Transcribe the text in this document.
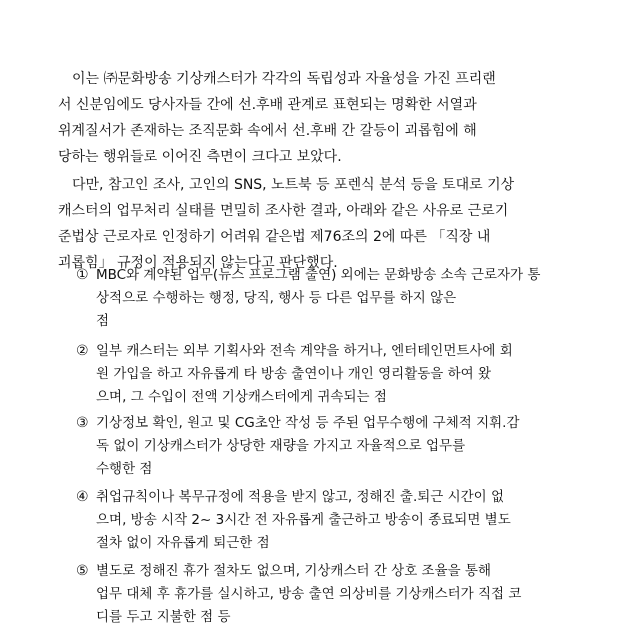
이는 ㈜문화방송 기상캐스터가 각각의 독립성과 자율성을 가진 프리랜
서 신분임에도 당사자들 간에 선.후배 관계로 표현되는 명확한 서열과
위계질서가 존재하는 조직문화 속에서 선.후배 간 갈등이 괴롭힘에 해
당하는 행위들로 이어진 측면이 크다고 보았다.
다만, 참고인 조사, 고인의 SNS, 노트북 등 포렌식 분석 등을 토대로 기상
캐스터의 업무처리 실태를 면밀히 조사한 결과, 아래와 같은 사유로 근로기
준법상 근로자로 인정하기 어려워 같은법 제76조의 2에 따른 「직장 내
괴롭힘」 규정이 적용되지 않는다고 판단했다.
① MBC와 계약된 업무(뉴스 프로그램 출연) 외에는 문화방송 소속 근로자가 통
상적으로 수행하는 행정, 당직, 행사 등 다른 업무를 하지 않은
점
② 일부 캐스터는 외부 기획사와 전속 계약을 하거나, 엔터테인먼트사에 회
원 가입을 하고 자유롭게 타 방송 출연이나 개인 영리활동을 하여 왔
으며, 그 수입이 전액 기상캐스터에게 귀속되는 점
③ 기상정보 확인, 원고 및 CG초안 작성 등 주된 업무수행에 구체적 지휘.감
독 없이 기상캐스터가 상당한 재량을 가지고 자율적으로 업무를
수행한 점
④ 취업규칙이나 복무규정에 적용을 받지 않고, 정해진 출.퇴근 시간이 없
으며, 방송 시작 2~ 3시간 전 자유롭게 출근하고 방송이 종료되면 별도
절차 없이 자유롭게 퇴근한 점
⑤ 별도로 정해진 휴가 절차도 없으며, 기상캐스터 간 상호 조율을 통해
업무 대체 후 휴가를 실시하고, 방송 출연 의상비를 기상캐스터가 직접 코
디를 두고 지불한 점 등
